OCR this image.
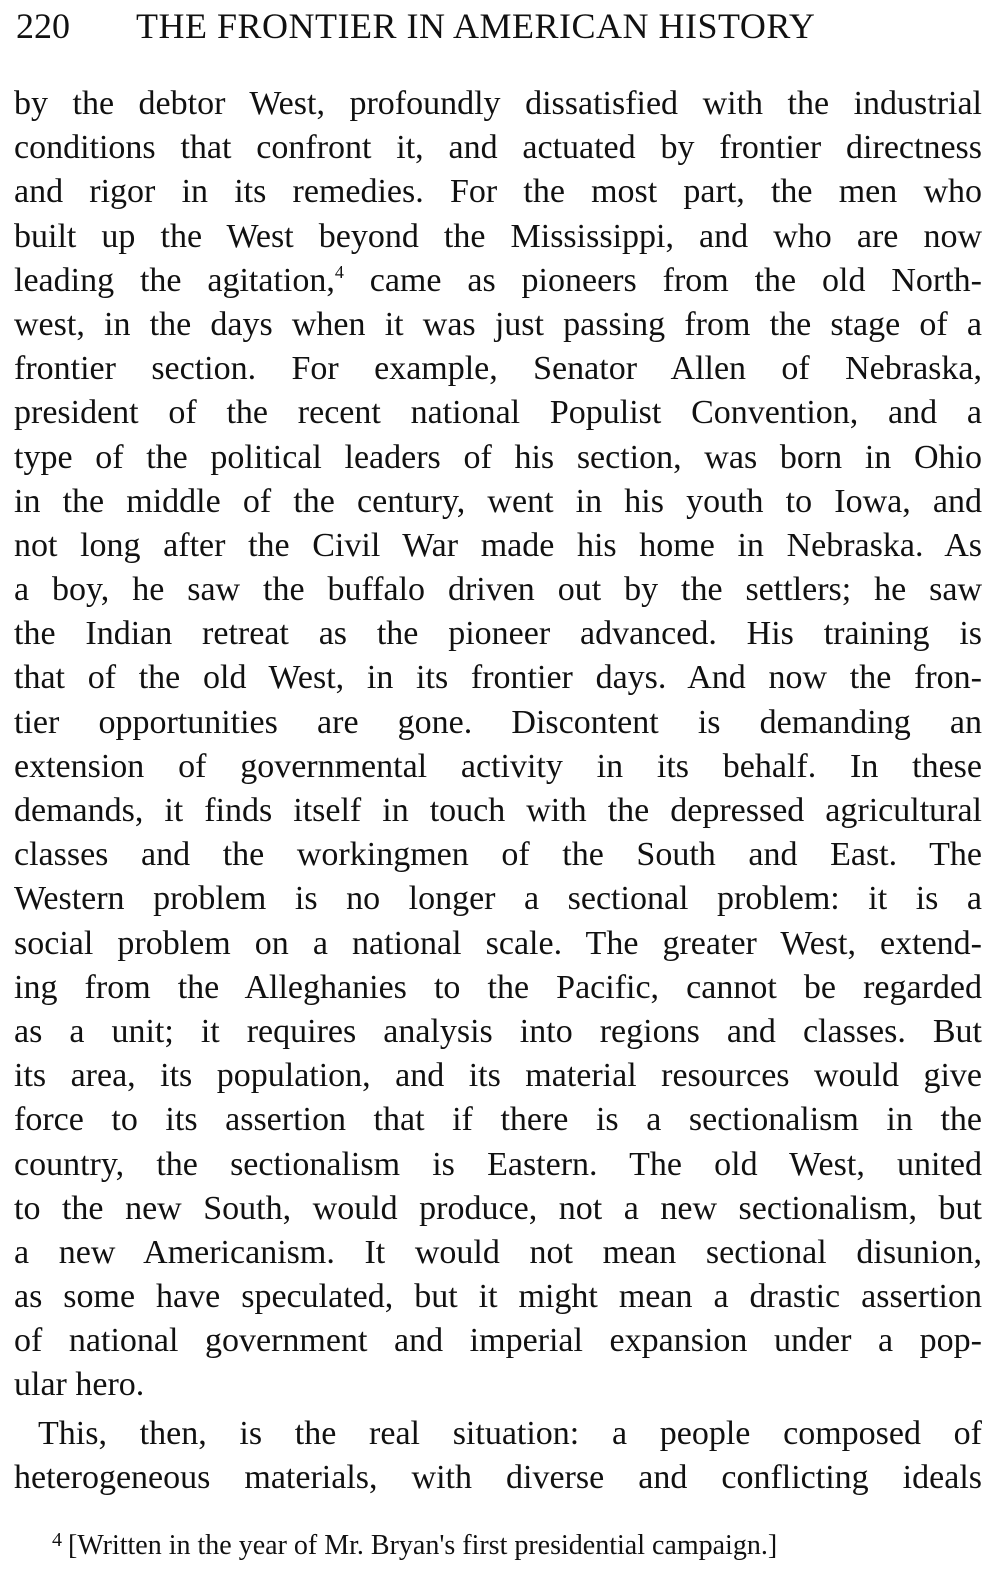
220 THE FRONTIER IN AMERICAN HISTORY
by the debtor West, profoundly dissatisfied with the industrial
conditions that confront it, and actuated by frontier directness
and rigor in its remedies. For the most part, the men who
built up the West beyond the Mississippi, and who are now
leading the agitation,$^4$ came as pioneers from the old North-
west, in the days when it was just passing from the stage of a
frontier section. For example, Senator Allen of Nebraska,
president of the recent national Populist Convention, and a
type of the political leaders of his section, was born in Ohio
in the middle of the century, went in his youth to Iowa, and
not long after the Civil War made his home in Nebraska. As
a boy, he saw the buffalo driven out by the settlers; he saw
the Indian retreat as the pioneer advanced. His training is
that of the old West, in its frontier days. And now the fron-
tier opportunities are gone. Discontent is demanding an
extension of governmental activity in its behalf. In these
demands, it finds itself in touch with the depressed agricultural
classes and the workingmen of the South and East. The
Western problem is no longer a sectional problem: it is a
social problem on a national scale. The greater West, extend-
ing from the Alleghanies to the Pacific, cannot be regarded
as a unit; it requires analysis into regions and classes. But
its area, its population, and its material resources would give
force to its assertion that if there is a sectionalism in the
country, the sectionalism is Eastern. The old West, united
to the new South, would produce, not a new sectionalism, but
a new Americanism. It would not mean sectional disunion,
as some have speculated, but it might mean a drastic assertion
of national government and imperial expansion under a pop-
ular hero.
This, then, is the real situation: a people composed of
heterogeneous materials, with diverse and conflicting ideals
$^4$ [Written in the year of Mr. Bryan's first presidential campaign.]
